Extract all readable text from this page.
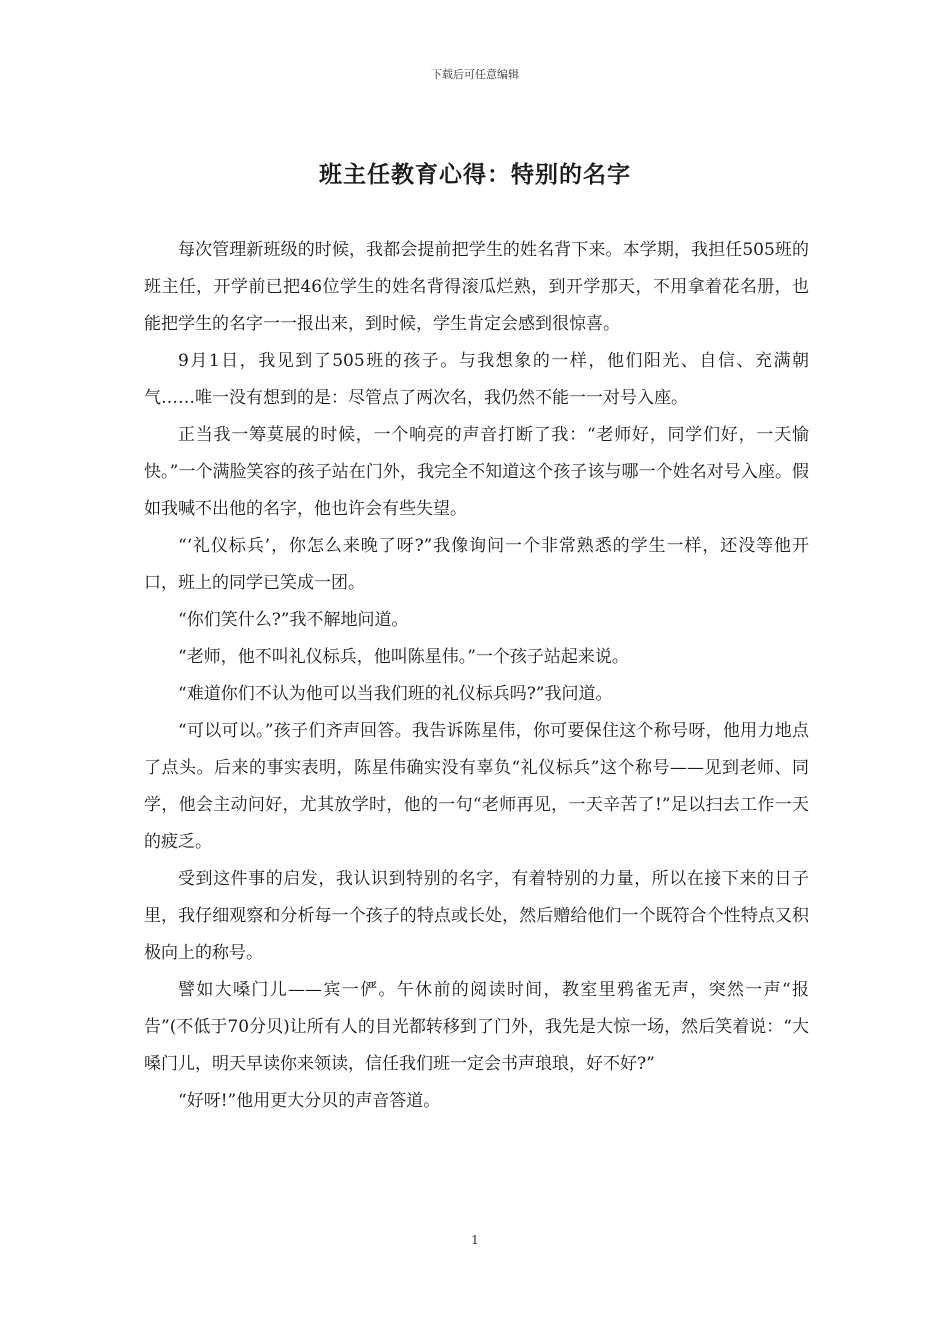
下载后可任意编辑
班主任教育心得：特别的名字

每次管理新班级的时候，我都会提前把学生的姓名背下来。本学期，我担任505班的班主任，开学前已把46位学生的姓名背得滚瓜烂熟，到开学那天，不用拿着花名册，也能把学生的名字一一报出来，到时候，学生肯定会感到很惊喜。

9月1日，我见到了505班的孩子。与我想象的一样，他们阳光、自信、充满朝气……唯一没有想到的是：尽管点了两次名，我仍然不能一一对号入座。

正当我一筹莫展的时候，一个响亮的声音打断了我：“老师好，同学们好，一天愉快。”一个满脸笑容的孩子站在门外，我完全不知道这个孩子该与哪一个姓名对号入座。假如我喊不出他的名字，他也许会有些失望。

“‘礼仪标兵’，你怎么来晚了呀?”我像询问一个非常熟悉的学生一样，还没等他开口，班上的同学已笑成一团。

“你们笑什么?”我不解地问道。

“老师，他不叫礼仪标兵，他叫陈星伟。”一个孩子站起来说。

“难道你们不认为他可以当我们班的礼仪标兵吗?”我问道。

“可以可以。”孩子们齐声回答。我告诉陈星伟，你可要保住这个称号呀，他用力地点了点头。后来的事实表明，陈星伟确实没有辜负“礼仪标兵”这个称号——见到老师、同学，他会主动问好，尤其放学时，他的一句“老师再见，一天辛苦了!”足以扫去工作一天的疲乏。

受到这件事的启发，我认识到特别的名字，有着特别的力量，所以在接下来的日子里，我仔细观察和分析每一个孩子的特点或长处，然后赠给他们一个既符合个性特点又积极向上的称号。

譬如大嗓门儿——宾一俨。午休前的阅读时间，教室里鸦雀无声，突然一声“报告”(不低于70分贝)让所有人的目光都转移到了门外，我先是大惊一场，然后笑着说：“大嗓门儿，明天早读你来领读，信任我们班一定会书声琅琅，好不好?”

“好呀!”他用更大分贝的声音答道。

1
